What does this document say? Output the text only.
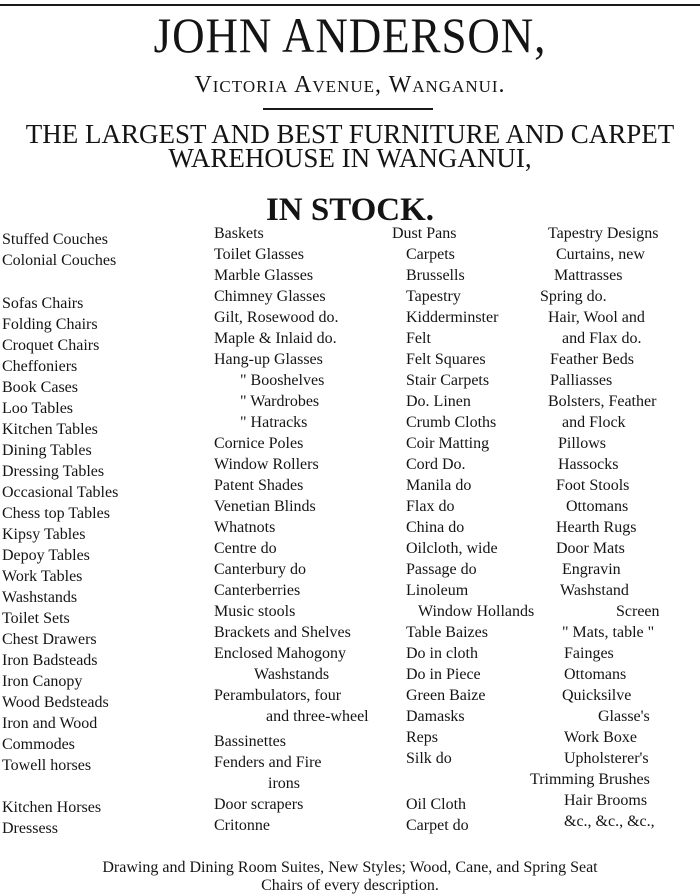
JOHN ANDERSON,
Victoria Avenue, Wanganui.
THE LARGEST AND BEST FURNITURE AND CARPET
WAREHOUSE IN WANGANUI,
IN STOCK.
Stuffed Couches
Colonial Couches
Sofas Chairs
Folding Chairs
Croquet Chairs
Cheffoniers
Book Cases
Loo Tables
Kitchen Tables
Dining Tables
Dressing Tables
Occasional Tables
Chess top Tables
Kipsy Tables
Depoy Tables
Work Tables
Washstands
Toilet Sets
Chest Drawers
Iron Badsteads
Iron Canopy
Wood Bedsteads
Iron and Wood
Commodes
Towell horses
Kitchen Horses
Dressess
Baskets
Toilet Glasses
Marble Glasses
Chimney Glasses
Gilt, Rosewood do.
Maple & Inlaid do.
Hang-up Glasses
" Booshelves
" Wardrobes
" Hatracks
Cornice Poles
Window Rollers
Patent Shades
Venetian Blinds
Whatnots
Centre do
Canterbury do
Canterberries
Music stools
Brackets and Shelves
Enclosed Mahogony
Washstands
Perambulators, four
and three-wheel
Bassinettes
Fenders and Fire
irons
Door scrapers
Critonne
Dust Pans
Carpets
Brussells
Tapestry
Kidderminster
Felt
Felt Squares
Stair Carpets
Do. Linen
Crumb Cloths
Coir Matting
Cord Do.
Manila do
Flax do
China do
Oilcloth, wide
Passage do
Linoleum
Window Hollands
Table Baizes
Do in cloth
Do in Piece
Green Baize
Damasks
Reps
Silk do
Oil Cloth
Carpet do
Tapestry Designs
Curtains, new
Mattrasses
Spring do.
Hair, Wool and
and Flax do.
Feather Beds
Palliasses
Bolsters, Feather
and Flock
Pillows
Hassocks
Foot Stools
Ottomans
Hearth Rugs
Door Mats
Engravin
Washstand
Screen
" Mats, table "
Fainges
Ottomans
Quicksilve
Glasse's
Work Boxe
Upholsterer's
Trimming Brushes
Hair Brooms
&c., &c., &c.,
Drawing and Dining Room Suites, New Styles; Wood, Cane, and Spring Seat
Chairs of every description.
